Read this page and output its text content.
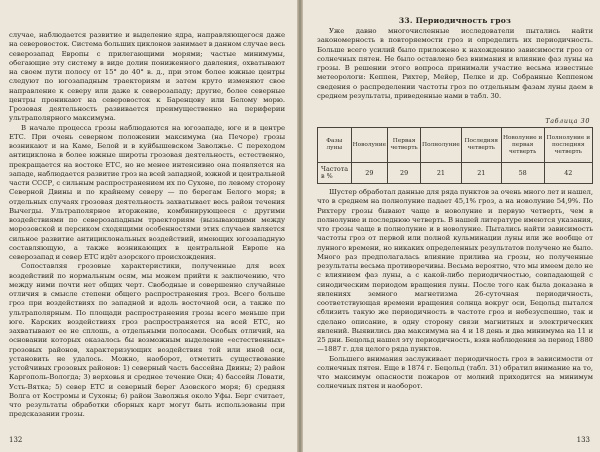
случае, наблюдается развитие и выделение ядра, направляющегося даже на северовосток. Система больших циклонов занимает в данном случае весь северозапад Европы с прилегающими морями; частые минимумы, обегающие эту систему в виде долин пониженного давления, охватывают на своем пути полосу от 15° до 40° в. д., при этом более южные центры следуют по югозападным траекториям и затем круто изменяют свое направление к северу или даже к северозападу; другие, более северные центры проникают на северовосток к Баренцову или Белому морю. Грозовая деятельность развивается преимущественно на периферии ультраполярного максимума.

В начале процесса грозы наблюдаются на югозападе, юге и в центре ЕТС. При очень северном положении максимума (на Печоре) грозы возникают и на Каме, Белой и в куйбышевском Заволжье. С переходом антициклона в более южные широты грозовая деятельность, естественно, прекращается на востоке ЕТС, но не менее интенсивно она появляется на западе, наблюдается развитие гроз на всей западной, южной и центральной части СССР, с сильным распространением их по Сухоне, по левому сторону Северной Двины и по крайнему северу — по берегам Белого моря; в отдельных случаях грозовая деятельность захватывает весь район течения Вычегды. Ультраполярное вторжение, комбинирующееся с другими воздействиями по северозападным траекториям (вызывающими между морозовской и персиком сходящими особенностями этих случаев является сильное развитие антициклональных воздействий, имеющих югозападную составляющую, а также возникающих в центральной Европе на северозапад и север ЕТС идёт азорского происхождения.

Сопоставляя грозовые характеристики, полученные для всех воздействий по нормальным осям, мы можем прийти к заключению, что между ними почти нет общих черт. Свободные и совершенно случайные отличия в смысле степени общего распространения гроз. Всего больше гроз при воздействиях по западной и вдоль восточной оси, а также по ультраполярным. По площади распространения грозы всего меньше при юге. Карских воздействиях гроз распространяется на всей ЕТС, но захватывают ее не сплошь, а отдельными полосами. Особых отличий, на основании которых оказалось бы возможным выделение «естественных» грозовых районов, характеризующих воздействия той или иной оси, установить не удалось. Можно, наоборот, отметить существование устойчивых грозовых районов: 1) северный часть бассейна Двины; 2) район Каргополь-Вологда; 3) верховья и среднее течение Оки; 4) бассейн Ловати, Усть-Вятка; 5) север ЕТС и северный берег Азовского моря; 6) средняя Волга от Костромы и Сухоны; 6) район Заволжья около Уфы. Берг считает, что результаты обработки сборных карт могут быть использованы при предсказании грозы.

132
33. Периодичность гроз

Уже давно многочисленные исследователи пытались найти закономерность в повторяемости гроз и определить их периодичность. Больше всего усилий было приложено к нахождению зависимости гроз от солнечных пятен. Не было оставлено без внимания и влияние фаз луны на грозы. В решении этого вопроса принимали участие весьма известные метеорологи: Кеппен, Рихтер, Мейер, Пелке и др. Собранные Кеппеном сведения о распределении частоты гроз по отдельным фазам луны даем в среднем результаты, приведенные нами в табл. 30.

Таблица 30
Фазы луны	Новолуние	Первая четверть	Полнолуние	Последняя четверть	Новолуние и первая четверть	Полнолуние и последняя четверть
Частота в %	29	29	21	21	58	42

Шустер обработал данные для ряда пунктов за очень много лет и нашел, что в среднем на полнолуние падает 45,1% гроз, а на новолуние 54,9%. По Рихтеру грозы бывают чаще в новолуние и первую четверть, чем в полнолуние и последнюю четверть. В нашей литературе имеются указания, что грозы чаще в полнолуние и в новолуние. Пытались найти зависимость частоты гроз от первой или полной кульминации луны или же вообще от лунного времени, но никаких определенных результатов получено не было. Много раз предполагалась влияние прилива на грозы, но полученные результаты весьма противоречивы. Весьма вероятно, что мы имеем дело не с влиянием фаз луны, а с какой-либо периодичностью, совпадающей с синодическим периодом вращения луны. После того как была доказана в явлениях земного магнетизма 26-суточная периодичность, соответствующая времени вращения солнца вокруг оси, Бецольд пытался сблизить такую же периодичность в частоте гроз и небезуспешно, так и сделано описание, в одну сторону связи магнитных и электрических явлений. Выявились два максимума на 4 и 18 день и два минимума на 11 и 25 дни. Бецольд нашел эту периодичность, взяв наблюдения за период 1880—1887 г. для целого ряда пунктов.

Большего внимания заслуживает периодичность гроз в зависимости от солнечных пятен. Еще в 1874 г. Бецольд (табл. 31) обратил внимание на то, что максимум опасности пожаров от молний приходится на минимум солнечных пятен и наоборот.

133
